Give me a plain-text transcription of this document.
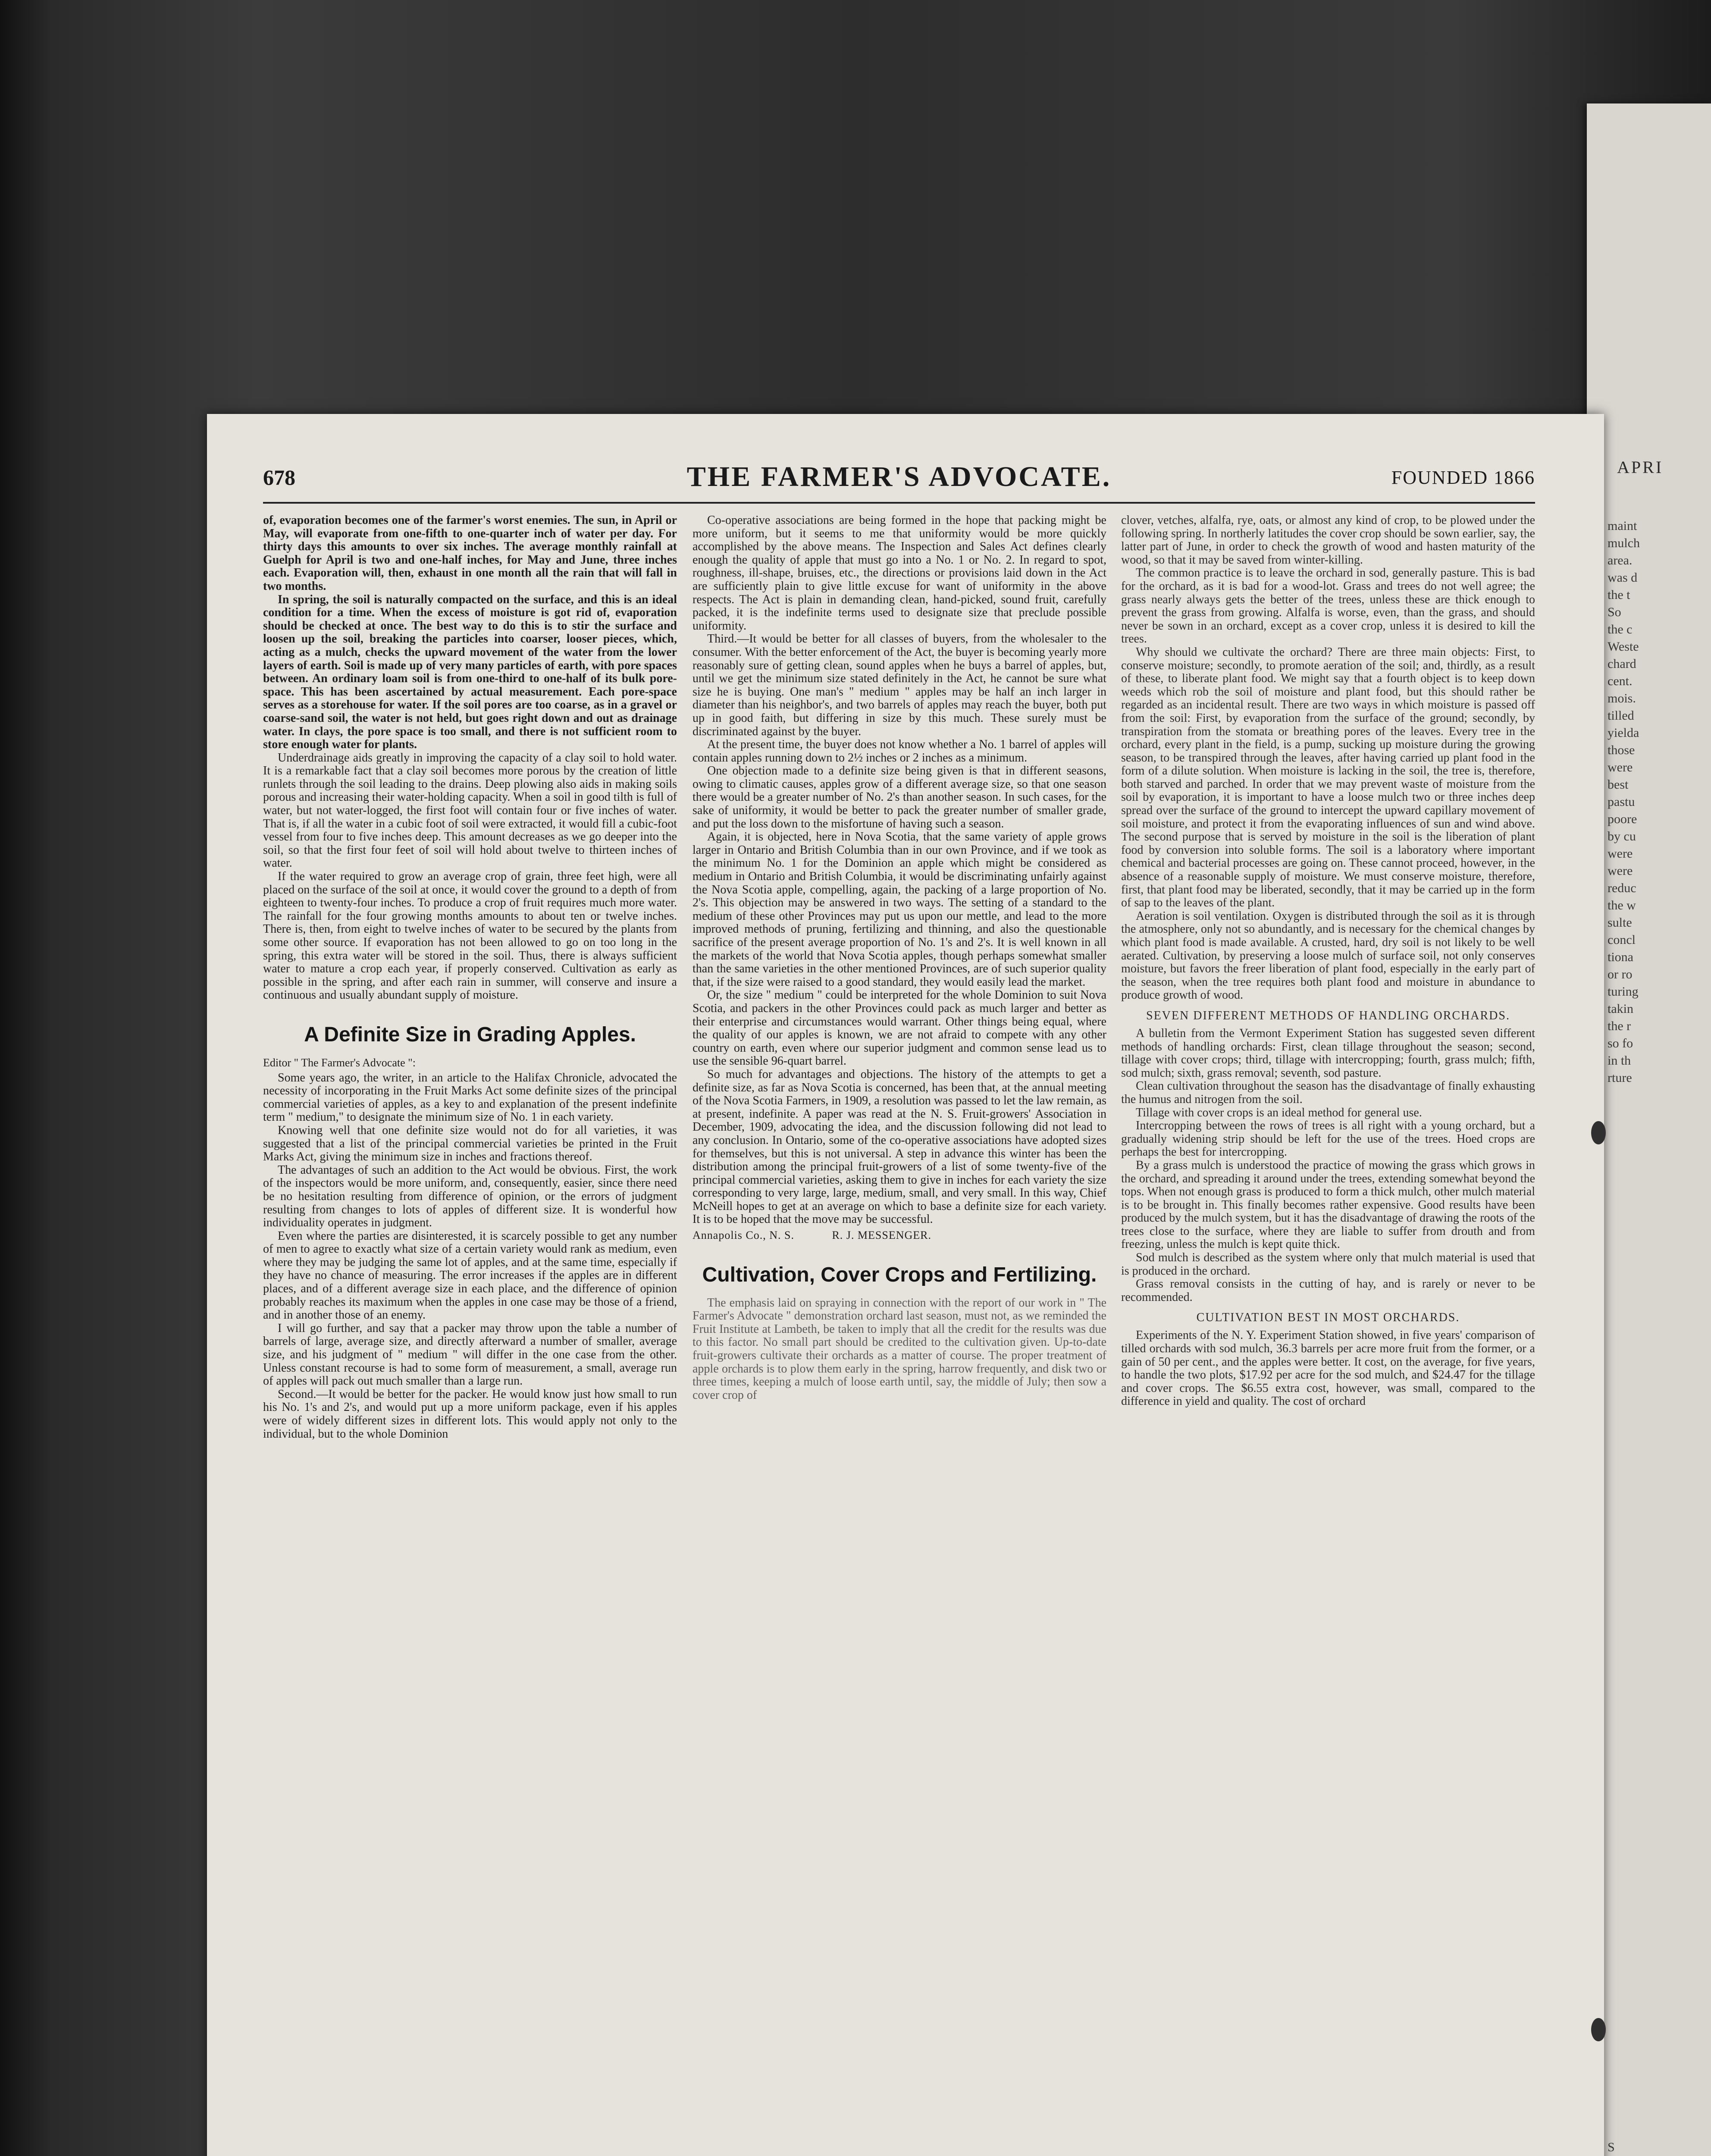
APRI
maint
mulch
area.
was d
the t
So
the c
Weste
chard
cent.
mois.
tilled
yielda
those
were
best
pastu
poore
by cu
were
were
reduc
the w
sulte
concl
tiona
or ro
turing
takin
the r
so fo
in th
rture
S

678	THE FARMER'S ADVOCATE.	FOUNDED 1866

of, evaporation becomes one of the farmer's worst enemies. The sun, in April or May, will evaporate from one-fifth to one-quarter inch of water per day. For thirty days this amounts to over six inches. The average monthly rainfall at Guelph for April is two and one-half inches, for May and June, three inches each. Evaporation will, then, exhaust in one month all the rain that will fall in two months.

In spring, the soil is naturally compacted on the surface, and this is an ideal condition for a time. When the excess of moisture is got rid of, evaporation should be checked at once. The best way to do this is to stir the surface and loosen up the soil, breaking the particles into coarser, looser pieces, which, acting as a mulch, checks the upward movement of the water from the lower layers of earth. Soil is made up of very many particles of earth, with pore spaces between. An ordinary loam soil is from one-third to one-half of its bulk pore-space. This has been ascertained by actual measurement. Each pore-space serves as a storehouse for water. If the soil pores are too coarse, as in a gravel or coarse-sand soil, the water is not held, but goes right down and out as drainage water. In clays, the pore space is too small, and there is not sufficient room to store enough water for plants.

Underdrainage aids greatly in improving the capacity of a clay soil to hold water. It is a remarkable fact that a clay soil becomes more porous by the creation of little runlets through the soil leading to the drains. Deep plowing also aids in making soils porous and increasing their water-holding capacity. When a soil in good tilth is full of water, but not water-logged, the first foot will contain four or five inches of water. That is, if all the water in a cubic foot of soil were extracted, it would fill a cubic-foot vessel from four to five inches deep. This amount decreases as we go deeper into the soil, so that the first four feet of soil will hold about twelve to thirteen inches of water.

If the water required to grow an average crop of grain, three feet high, were all placed on the surface of the soil at once, it would cover the ground to a depth of from eighteen to twenty-four inches. To produce a crop of fruit requires much more water. The rainfall for the four growing months amounts to about ten or twelve inches. There is, then, from eight to twelve inches of water to be secured by the plants from some other source. If evaporation has not been allowed to go on too long in the spring, this extra water will be stored in the soil. Thus, there is always sufficient water to mature a crop each year, if properly conserved. Cultivation as early as possible in the spring, and after each rain in summer, will conserve and insure a continuous and usually abundant supply of moisture.

A Definite Size in Grading Apples.

Editor " The Farmer's Advocate ":

Some years ago, the writer, in an article to the Halifax Chronicle, advocated the necessity of incorporating in the Fruit Marks Act some definite sizes of the principal commercial varieties of apples, as a key to and explanation of the present indefinite term " medium," to designate the minimum size of No. 1 in each variety.

Knowing well that one definite size would not do for all varieties, it was suggested that a list of the principal commercial varieties be printed in the Fruit Marks Act, giving the minimum size in inches and fractions thereof.

The advantages of such an addition to the Act would be obvious. First, the work of the inspectors would be more uniform, and, consequently, easier, since there need be no hesitation resulting from difference of opinion, or the errors of judgment resulting from changes to lots of apples of different size. It is wonderful how individuality operates in judgment.

Even where the parties are disinterested, it is scarcely possible to get any number of men to agree to exactly what size of a certain variety would rank as medium, even where they may be judging the same lot of apples, and at the same time, especially if they have no chance of measuring. The error increases if the apples are in different places, and of a different average size in each place, and the difference of opinion probably reaches its maximum when the apples in one case may be those of a friend, and in another those of an enemy.

I will go further, and say that a packer may throw upon the table a number of barrels of large, average size, and directly afterward a number of smaller, average size, and his judgment of " medium " will differ in the one case from the other. Unless constant recourse is had to some form of measurement, a small, average run of apples will pack out much smaller than a large run.

Second.—It would be better for the packer. He would know just how small to run his No. 1's and 2's, and would put up a more uniform package, even if his apples were of widely different sizes in different lots. This would apply not only to the individual, but to the whole Dominion

Co-operative associations are being formed in the hope that packing might be more uniform, but it seems to me that uniformity would be more quickly accomplished by the above means. The Inspection and Sales Act defines clearly enough the quality of apple that must go into a No. 1 or No. 2. In regard to spot, roughness, ill-shape, bruises, etc., the directions or provisions laid down in the Act are sufficiently plain to give little excuse for want of uniformity in the above respects. The Act is plain in demanding clean, hand-picked, sound fruit, carefully packed, it is the indefinite terms used to designate size that preclude possible uniformity.

Third.—It would be better for all classes of buyers, from the wholesaler to the consumer. With the better enforcement of the Act, the buyer is becoming yearly more reasonably sure of getting clean, sound apples when he buys a barrel of apples, but, until we get the minimum size stated definitely in the Act, he cannot be sure what size he is buying. One man's " medium " apples may be half an inch larger in diameter than his neighbor's, and two barrels of apples may reach the buyer, both put up in good faith, but differing in size by this much. These surely must be discriminated against by the buyer.

At the present time, the buyer does not know whether a No. 1 barrel of apples will contain apples running down to 2½ inches or 2 inches as a minimum.

One objection made to a definite size being given is that in different seasons, owing to climatic causes, apples grow of a different average size, so that one season there would be a greater number of No. 2's than another season. In such cases, for the sake of uniformity, it would be better to pack the greater number of smaller grade, and put the loss down to the misfortune of having such a season.

Again, it is objected, here in Nova Scotia, that the same variety of apple grows larger in Ontario and British Columbia than in our own Province, and if we took as the minimum No. 1 for the Dominion an apple which might be considered as medium in Ontario and British Columbia, it would be discriminating unfairly against the Nova Scotia apple, compelling, again, the packing of a large proportion of No. 2's. This objection may be answered in two ways. The setting of a standard to the medium of these other Provinces may put us upon our mettle, and lead to the more improved methods of pruning, fertilizing and thinning, and also the questionable sacrifice of the present average proportion of No. 1's and 2's. It is well known in all the markets of the world that Nova Scotia apples, though perhaps somewhat smaller than the same varieties in the other mentioned Provinces, are of such superior quality that, if the size were raised to a good standard, they would easily lead the market.

Or, the size " medium " could be interpreted for the whole Dominion to suit Nova Scotia, and packers in the other Provinces could pack as much larger and better as their enterprise and circumstances would warrant. Other things being equal, where the quality of our apples is known, we are not afraid to compete with any other country on earth, even where our superior judgment and common sense lead us to use the sensible 96-quart barrel.

So much for advantages and objections. The history of the attempts to get a definite size, as far as Nova Scotia is concerned, has been that, at the annual meeting of the Nova Scotia Farmers, in 1909, a resolution was passed to let the law remain, as at present, indefinite. A paper was read at the N. S. Fruit-growers' Association in December, 1909, advocating the idea, and the discussion following did not lead to any conclusion. In Ontario, some of the co-operative associations have adopted sizes for themselves, but this is not universal. A step in advance this winter has been the distribution among the principal fruit-growers of a list of some twenty-five of the principal commercial varieties, asking them to give in inches for each variety the size corresponding to very large, large, medium, small, and very small. In this way, Chief McNeill hopes to get at an average on which to base a definite size for each variety. It is to be hoped that the move may be successful.

Annapolis Co., N. S.	R. J. MESSENGER.
Cultivation, Cover Crops and Fertilizing.

The emphasis laid on spraying in connection with the report of our work in " The Farmer's Advocate " demonstration orchard last season, must not, as we reminded the Fruit Institute at Lambeth, be taken to imply that all the credit for the results was due to this factor. No small part should be credited to the cultivation given. Up-to-date fruit-growers cultivate their orchards as a matter of course. The proper treatment of apple orchards is to plow them early in the spring, harrow frequently, and disk two or three times, keeping a mulch of loose earth until, say, the middle of July; then sow a cover crop of

clover, vetches, alfalfa, rye, oats, or almost any kind of crop, to be plowed under the following spring. In northerly latitudes the cover crop should be sown earlier, say, the latter part of June, in order to check the growth of wood and hasten maturity of the wood, so that it may be saved from winter-killing.

The common practice is to leave the orchard in sod, generally pasture. This is bad for the orchard, as it is bad for a wood-lot. Grass and trees do not well agree; the grass nearly always gets the better of the trees, unless these are thick enough to prevent the grass from growing. Alfalfa is worse, even, than the grass, and should never be sown in an orchard, except as a cover crop, unless it is desired to kill the trees.

Why should we cultivate the orchard? There are three main objects: First, to conserve moisture; secondly, to promote aeration of the soil; and, thirdly, as a result of these, to liberate plant food. We might say that a fourth object is to keep down weeds which rob the soil of moisture and plant food, but this should rather be regarded as an incidental result. There are two ways in which moisture is passed off from the soil: First, by evaporation from the surface of the ground; secondly, by transpiration from the stomata or breathing pores of the leaves. Every tree in the orchard, every plant in the field, is a pump, sucking up moisture during the growing season, to be transpired through the leaves, after having carried up plant food in the form of a dilute solution. When moisture is lacking in the soil, the tree is, therefore, both starved and parched. In order that we may prevent waste of moisture from the soil by evaporation, it is important to have a loose mulch two or three inches deep spread over the surface of the ground to intercept the upward capillary movement of soil moisture, and protect it from the evaporating influences of sun and wind above. The second purpose that is served by moisture in the soil is the liberation of plant food by conversion into soluble forms. The soil is a laboratory where important chemical and bacterial processes are going on. These cannot proceed, however, in the absence of a reasonable supply of moisture. We must conserve moisture, therefore, first, that plant food may be liberated, secondly, that it may be carried up in the form of sap to the leaves of the plant.

Aeration is soil ventilation. Oxygen is distributed through the soil as it is through the atmosphere, only not so abundantly, and is necessary for the chemical changes by which plant food is made available. A crusted, hard, dry soil is not likely to be well aerated. Cultivation, by preserving a loose mulch of surface soil, not only conserves moisture, but favors the freer liberation of plant food, especially in the early part of the season, when the tree requires both plant food and moisture in abundance to produce growth of wood.

SEVEN DIFFERENT METHODS OF HANDLING ORCHARDS.

A bulletin from the Vermont Experiment Station has suggested seven different methods of handling orchards: First, clean tillage throughout the season; second, tillage with cover crops; third, tillage with intercropping; fourth, grass mulch; fifth, sod mulch; sixth, grass removal; seventh, sod pasture.

Clean cultivation throughout the season has the disadvantage of finally exhausting the humus and nitrogen from the soil.

Tillage with cover crops is an ideal method for general use.

Intercropping between the rows of trees is all right with a young orchard, but a gradually widening strip should be left for the use of the trees. Hoed crops are perhaps the best for intercropping.

By a grass mulch is understood the practice of mowing the grass which grows in the orchard, and spreading it around under the trees, extending somewhat beyond the tops. When not enough grass is produced to form a thick mulch, other mulch material is to be brought in. This finally becomes rather expensive. Good results have been produced by the mulch system, but it has the disadvantage of drawing the roots of the trees close to the surface, where they are liable to suffer from drouth and from freezing, unless the mulch is kept quite thick.

Sod mulch is described as the system where only that mulch material is used that is produced in the orchard.

Grass removal consists in the cutting of hay, and is rarely or never to be recommended.

CULTIVATION BEST IN MOST ORCHARDS.

Experiments of the N. Y. Experiment Station showed, in five years' comparison of tilled orchards with sod mulch, 36.3 barrels per acre more fruit from the former, or a gain of 50 per cent., and the apples were better. It cost, on the average, for five years, to handle the two plots, $17.92 per acre for the sod mulch, and $24.47 for the tillage and cover crops. The $6.55 extra cost, however, was small, compared to the difference in yield and quality. The cost of orchard
